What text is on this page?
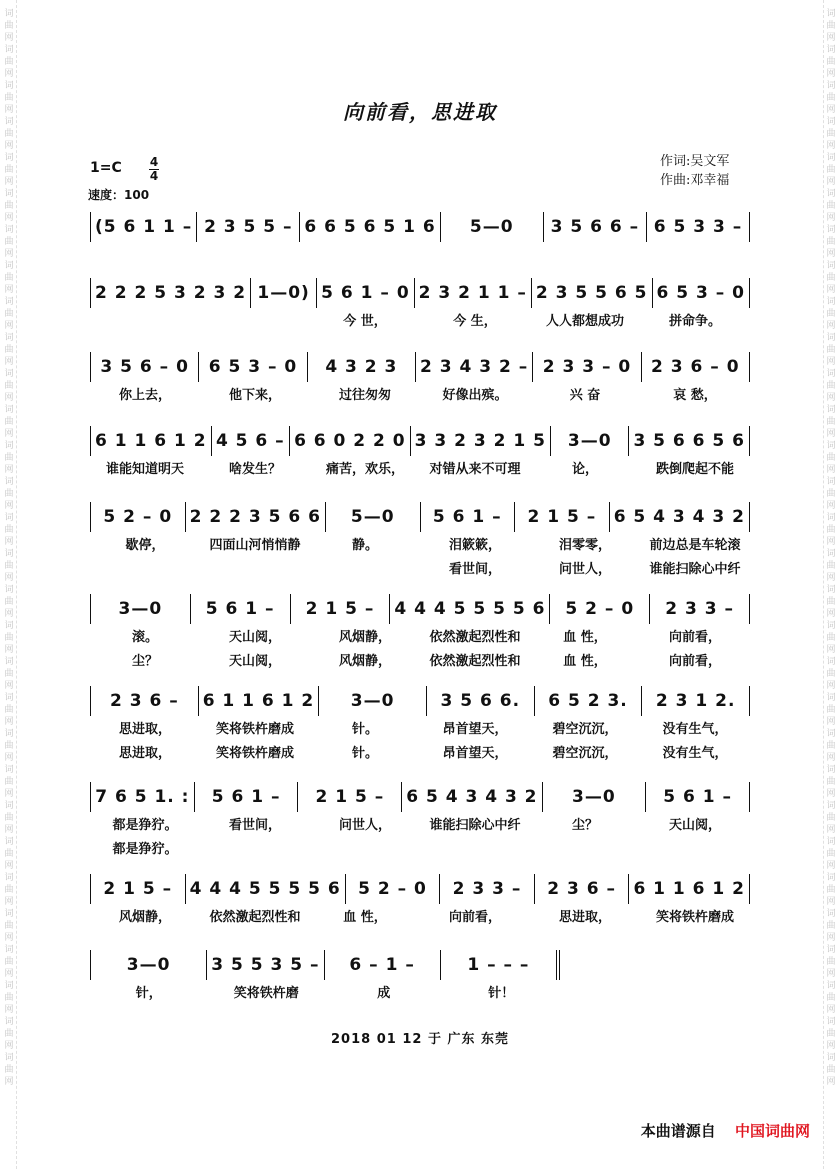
词曲网词曲网词曲网词曲网词曲网词曲网词曲网词曲网词曲网词曲网词曲网词曲网词曲网词曲网词曲网词曲网词曲网词曲网词曲网词曲网词曲网词曲网词曲网词曲网词曲网词曲网词曲网词曲网词曲网词曲网
词曲网词曲网词曲网词曲网词曲网词曲网词曲网词曲网词曲网词曲网词曲网词曲网词曲网词曲网词曲网词曲网词曲网词曲网词曲网词曲网词曲网词曲网词曲网词曲网词曲网词曲网词曲网词曲网词曲网词曲网
向前看，思进取
1=C 4
4
速度：100
作词:吴文军
作曲:邓幸福
(5 6 1 1 – 2 3 5 5 – 6 6 5 6 5 1 6 5—0 3 5 6 6 – 6 5 3 3 –
2 2 2 5 3 2 3 2 1—0) 5 6 1 – 0 2 3 2 1 1 – 2 3 5 5 6 5 6 5 3 – 0
今 世，	今 生，	人人都想成功	拼命争。
3 5 6 – 0 6 5 3 – 0 4 3 2 3 2 3 4 3 2 – 2 3 3 – 0 2 3 6 – 0
你上去，	他下来，	过往匆匆	好像出殡。	兴 奋	哀 愁，
6 1 1 6 1 2 4 5 6 – 6 6 0 2 2 0 3 3 2 3 2 1 5 3—0 3 5 6 6 5 6
谁能知道明天	啥发生？	痛苦，欢乐，	对错从来不可理	论，	跌倒爬起不能
5 2 – 0 2 2 2 3 5 6 6 5—0 5 6 1 – 2 1 5 – 6 5 4 3 4 3 2
歇停，	四面山河悄悄静	静。	泪簌簌，	泪零零，	前边总是车轮滚
看世间，	问世人，	谁能扫除心中纤
3—0	5 6 1 – 2 1 5 – 4 4 4 5 5 5 5 6 5 2 – 0 2 3 3 –
滚。	天山阅，	风烟静，	依然激起烈性和	血 性，	向前看，
尘？	天山阅，	风烟静，	依然激起烈性和	血 性，	向前看，
2 3 6 – 6 1 1 6 1 2 3—0	3 5 6 6. 6 5 2 3. 2 3 1 2.
思进取，	笑将铁杵磨成	针。	昂首望天，	碧空沉沉，	没有生气，
思进取，	笑将铁杵磨成	针。	昂首望天，	碧空沉沉，	没有生气，
7 6 5 1. : 5 6 1 – 2 1 5 – 6 5 4 3 4 3 2 3—0	5 6 1 –
都是狰狞。	看世间，	问世人，	谁能扫除心中纤	尘？	天山阅，
都是狰狞。
2 1 5 – 4 4 4 5 5 5 5 6 5 2 – 0 2 3 3 – 2 3 6 – 6 1 1 6 1 2
风烟静，	依然激起烈性和	血 性，	向前看，	思进取，	笑将铁杵磨成
3—0 3 5 5 3 5 – 6 – 1 –	1 – – –
针，	笑将铁杵磨	成	针！
2018 01 12 于 广东 东莞
本曲谱源自 中国词曲网
